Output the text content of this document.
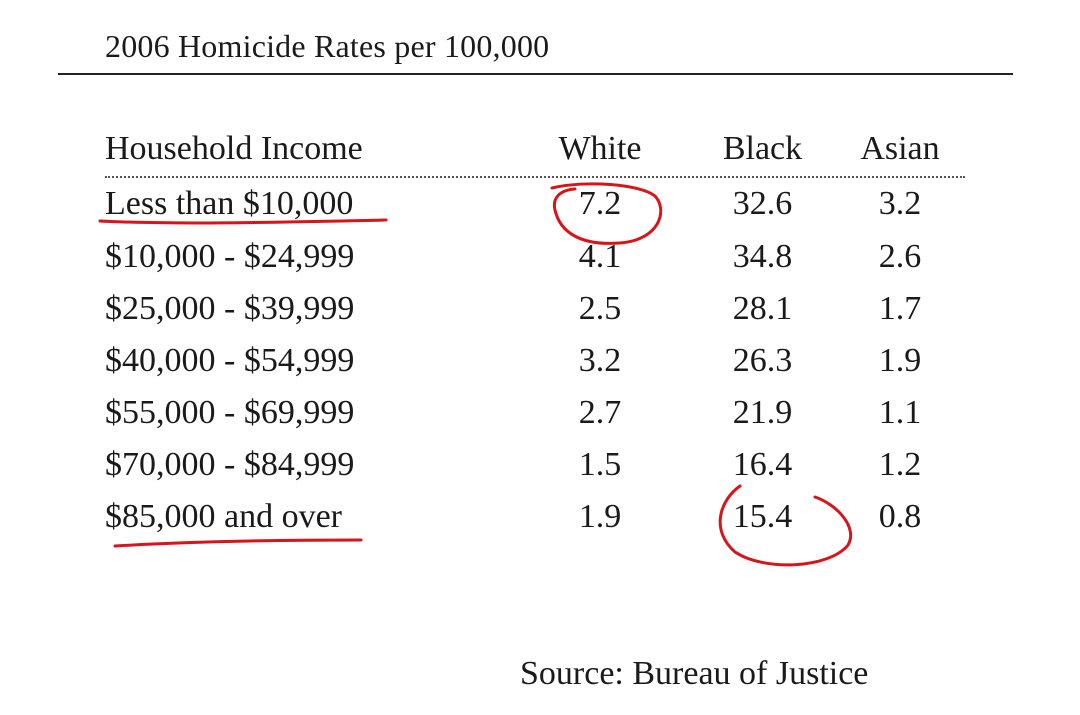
2006 Homicide Rates per 100,000
Household Income	White	Black	Asian
Less than $10,000	7.2	32.6	3.2
$10,000 - $24,999	4.1	34.8	2.6
$25,000 - $39,999	2.5	28.1	1.7
$40,000 - $54,999	3.2	26.3	1.9
$55,000 - $69,999	2.7	21.9	1.1
$70,000 - $84,999	1.5	16.4	1.2
$85,000 and over	1.9	15.4	0.8
Source: Bureau of Justice
